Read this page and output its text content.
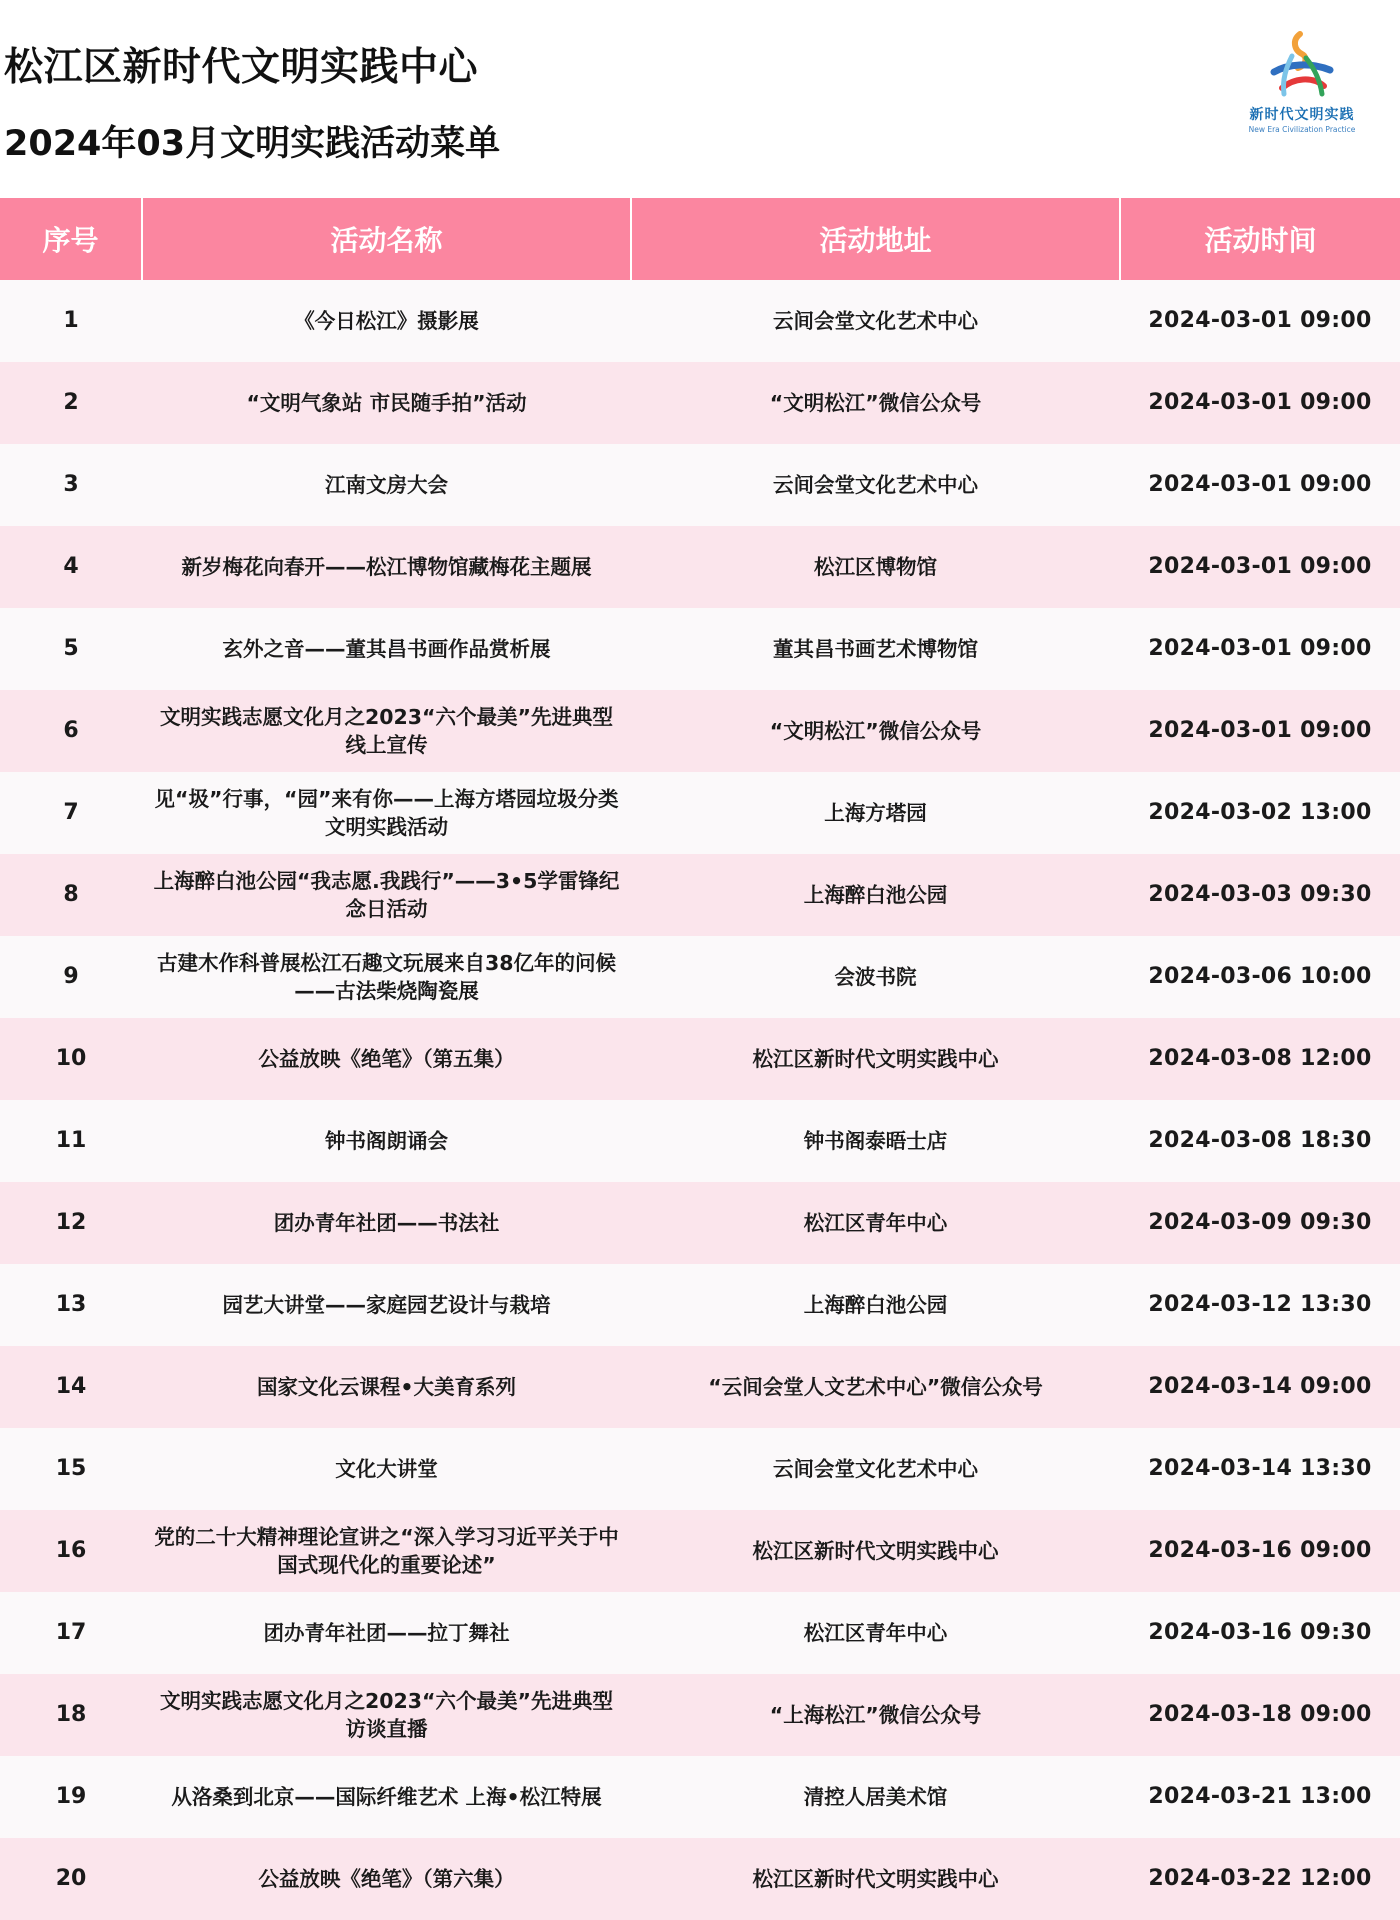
松江区新时代文明实践中心
2024年03月文明实践活动菜单
新时代文明实践
New Era Civilization Practice
序号	活动名称	活动地址	活动时间
1	《今日松江》摄影展	云间会堂文化艺术中心	2024-03-01 09:00
2	“文明气象站 市民随手拍”活动	“文明松江”微信公众号	2024-03-01 09:00
3	江南文房大会	云间会堂文化艺术中心	2024-03-01 09:00
4	新岁梅花向春开——松江博物馆藏梅花主题展	松江区博物馆	2024-03-01 09:00
5	玄外之音——董其昌书画作品赏析展	董其昌书画艺术博物馆	2024-03-01 09:00
6	文明实践志愿文化月之2023“六个最美”先进典型线上宣传	“文明松江”微信公众号	2024-03-01 09:00
7	见“圾”行事，“园”来有你——上海方塔园垃圾分类文明实践活动	上海方塔园	2024-03-02 13:00
8	上海醉白池公园“我志愿.我践行”——3•5学雷锋纪念日活动	上海醉白池公园	2024-03-03 09:30
9	古建木作科普展松江石趣文玩展来自38亿年的问候——古法柴烧陶瓷展	会波书院	2024-03-06 10:00
10	公益放映《绝笔》（第五集）	松江区新时代文明实践中心	2024-03-08 12:00
11	钟书阁朗诵会	钟书阁泰晤士店	2024-03-08 18:30
12	团办青年社团——书法社	松江区青年中心	2024-03-09 09:30
13	园艺大讲堂——家庭园艺设计与栽培	上海醉白池公园	2024-03-12 13:30
14	国家文化云课程•大美育系列	“云间会堂人文艺术中心”微信公众号	2024-03-14 09:00
15	文化大讲堂	云间会堂文化艺术中心	2024-03-14 13:30
16	党的二十大精神理论宣讲之“深入学习习近平关于中国式现代化的重要论述”	松江区新时代文明实践中心	2024-03-16 09:00
17	团办青年社团——拉丁舞社	松江区青年中心	2024-03-16 09:30
18	文明实践志愿文化月之2023“六个最美”先进典型访谈直播	“上海松江”微信公众号	2024-03-18 09:00
19	从洛桑到北京——国际纤维艺术 上海•松江特展	清控人居美术馆	2024-03-21 13:00
20	公益放映《绝笔》（第六集）	松江区新时代文明实践中心	2024-03-22 12:00
